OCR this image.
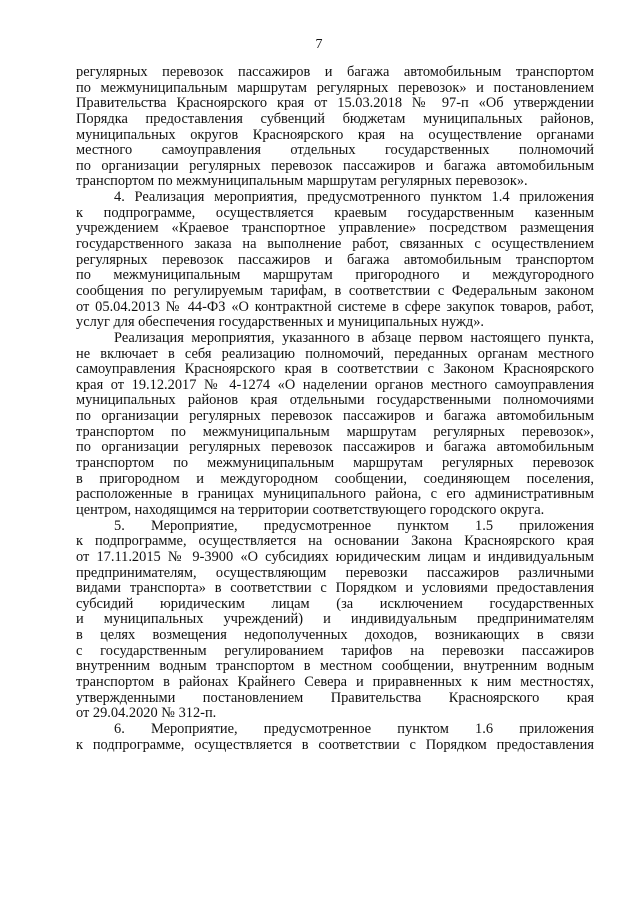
7
регулярных перевозок пассажиров и багажа автомобильным транспортом
по межмуниципальным маршрутам регулярных перевозок» и постановлением
Правительства Красноярского края от 15.03.2018 № 97-п «Об утверждении
Порядка предоставления субвенций бюджетам муниципальных районов,
муниципальных округов Красноярского края на осуществление органами
местного самоуправления отдельных государственных полномочий
по организации регулярных перевозок пассажиров и багажа автомобильным
транспортом по межмуниципальным маршрутам регулярных перевозок».
4. Реализация мероприятия, предусмотренного пунктом 1.4 приложения
к подпрограмме, осуществляется краевым государственным казенным
учреждением «Краевое транспортное управление» посредством размещения
государственного заказа на выполнение работ, связанных с осуществлением
регулярных перевозок пассажиров и багажа автомобильным транспортом
по межмуниципальным маршрутам пригородного и междугородного
сообщения по регулируемым тарифам, в соответствии с Федеральным законом
от 05.04.2013 № 44-ФЗ «О контрактной системе в сфере закупок товаров, работ,
услуг для обеспечения государственных и муниципальных нужд».
Реализация мероприятия, указанного в абзаце первом настоящего пункта,
не включает в себя реализацию полномочий, переданных органам местного
самоуправления Красноярского края в соответствии с Законом Красноярского
края от 19.12.2017 № 4-1274 «О наделении органов местного самоуправления
муниципальных районов края отдельными государственными полномочиями
по организации регулярных перевозок пассажиров и багажа автомобильным
транспортом по межмуниципальным маршрутам регулярных перевозок»,
по организации регулярных перевозок пассажиров и багажа автомобильным
транспортом по межмуниципальным маршрутам регулярных перевозок
в пригородном и междугородном сообщении, соединяющем поселения,
расположенные в границах муниципального района, с его административным
центром, находящимся на территории соответствующего городского округа.
5. Мероприятие, предусмотренное пунктом 1.5 приложения
к подпрограмме, осуществляется на основании Закона Красноярского края
от 17.11.2015 № 9-3900 «О субсидиях юридическим лицам и индивидуальным
предпринимателям, осуществляющим перевозки пассажиров различными
видами транспорта» в соответствии с Порядком и условиями предоставления
субсидий юридическим лицам (за исключением государственных
и муниципальных учреждений) и индивидуальным предпринимателям
в целях возмещения недополученных доходов, возникающих в связи
с государственным регулированием тарифов на перевозки пассажиров
внутренним водным транспортом в местном сообщении, внутренним водным
транспортом в районах Крайнего Севера и приравненных к ним местностях,
утвержденными постановлением Правительства Красноярского края
от 29.04.2020 № 312-п.
6. Мероприятие, предусмотренное пунктом 1.6 приложения
к подпрограмме, осуществляется в соответствии с Порядком предоставления
